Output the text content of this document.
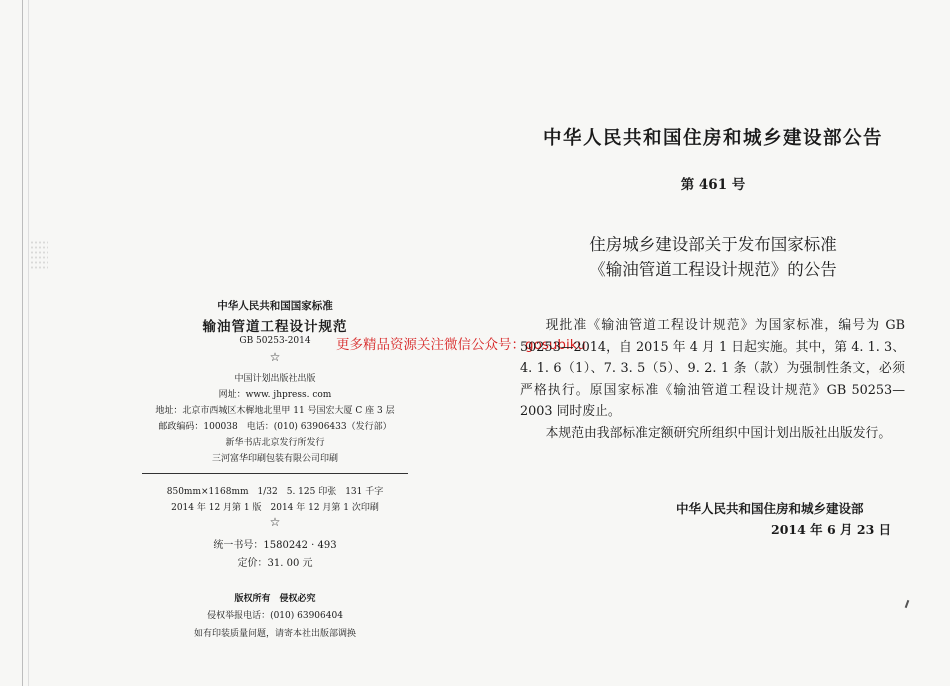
中华人民共和国国家标准
输油管道工程设计规范
GB 50253-2014
☆
中国计划出版社出版
网址：www. jhpress. com
地址：北京市西城区木樨地北里甲 11 号国宏大厦 C 座 3 层
邮政编码：100038　电话：(010) 63906433（发行部）
新华书店北京发行所发行
三河富华印刷包装有限公司印刷
850mm×1168mm　1/32　5. 125 印张　131 千字
2014 年 12 月第 1 版　2014 年 12 月第 1 次印刷
☆
统一书号：1580242 · 493
定价：31. 00 元
版权所有　侵权必究
侵权举报电话：(010) 63906404
如有印装质量问题，请寄本社出版部调换
更多精品资源关注微信公众号：gosubiku
中华人民共和国住房和城乡建设部公告
第 461 号
住房城乡建设部关于发布国家标准
《输油管道工程设计规范》的公告

现批准《输油管道工程设计规范》为国家标准，编号为 GB 50253—2014，自 2015 年 4 月 1 日起实施。其中，第 4. 1. 3、4. 1. 6（1）、7. 3. 5（5）、9. 2. 1 条（款）为强制性条文，必须严格执行。原国家标准《输油管道工程设计规范》GB 50253—2003 同时废止。

本规范由我部标准定额研究所组织中国计划出版社出版发行。

中华人民共和国住房和城乡建设部
2014 年 6 月 23 日
